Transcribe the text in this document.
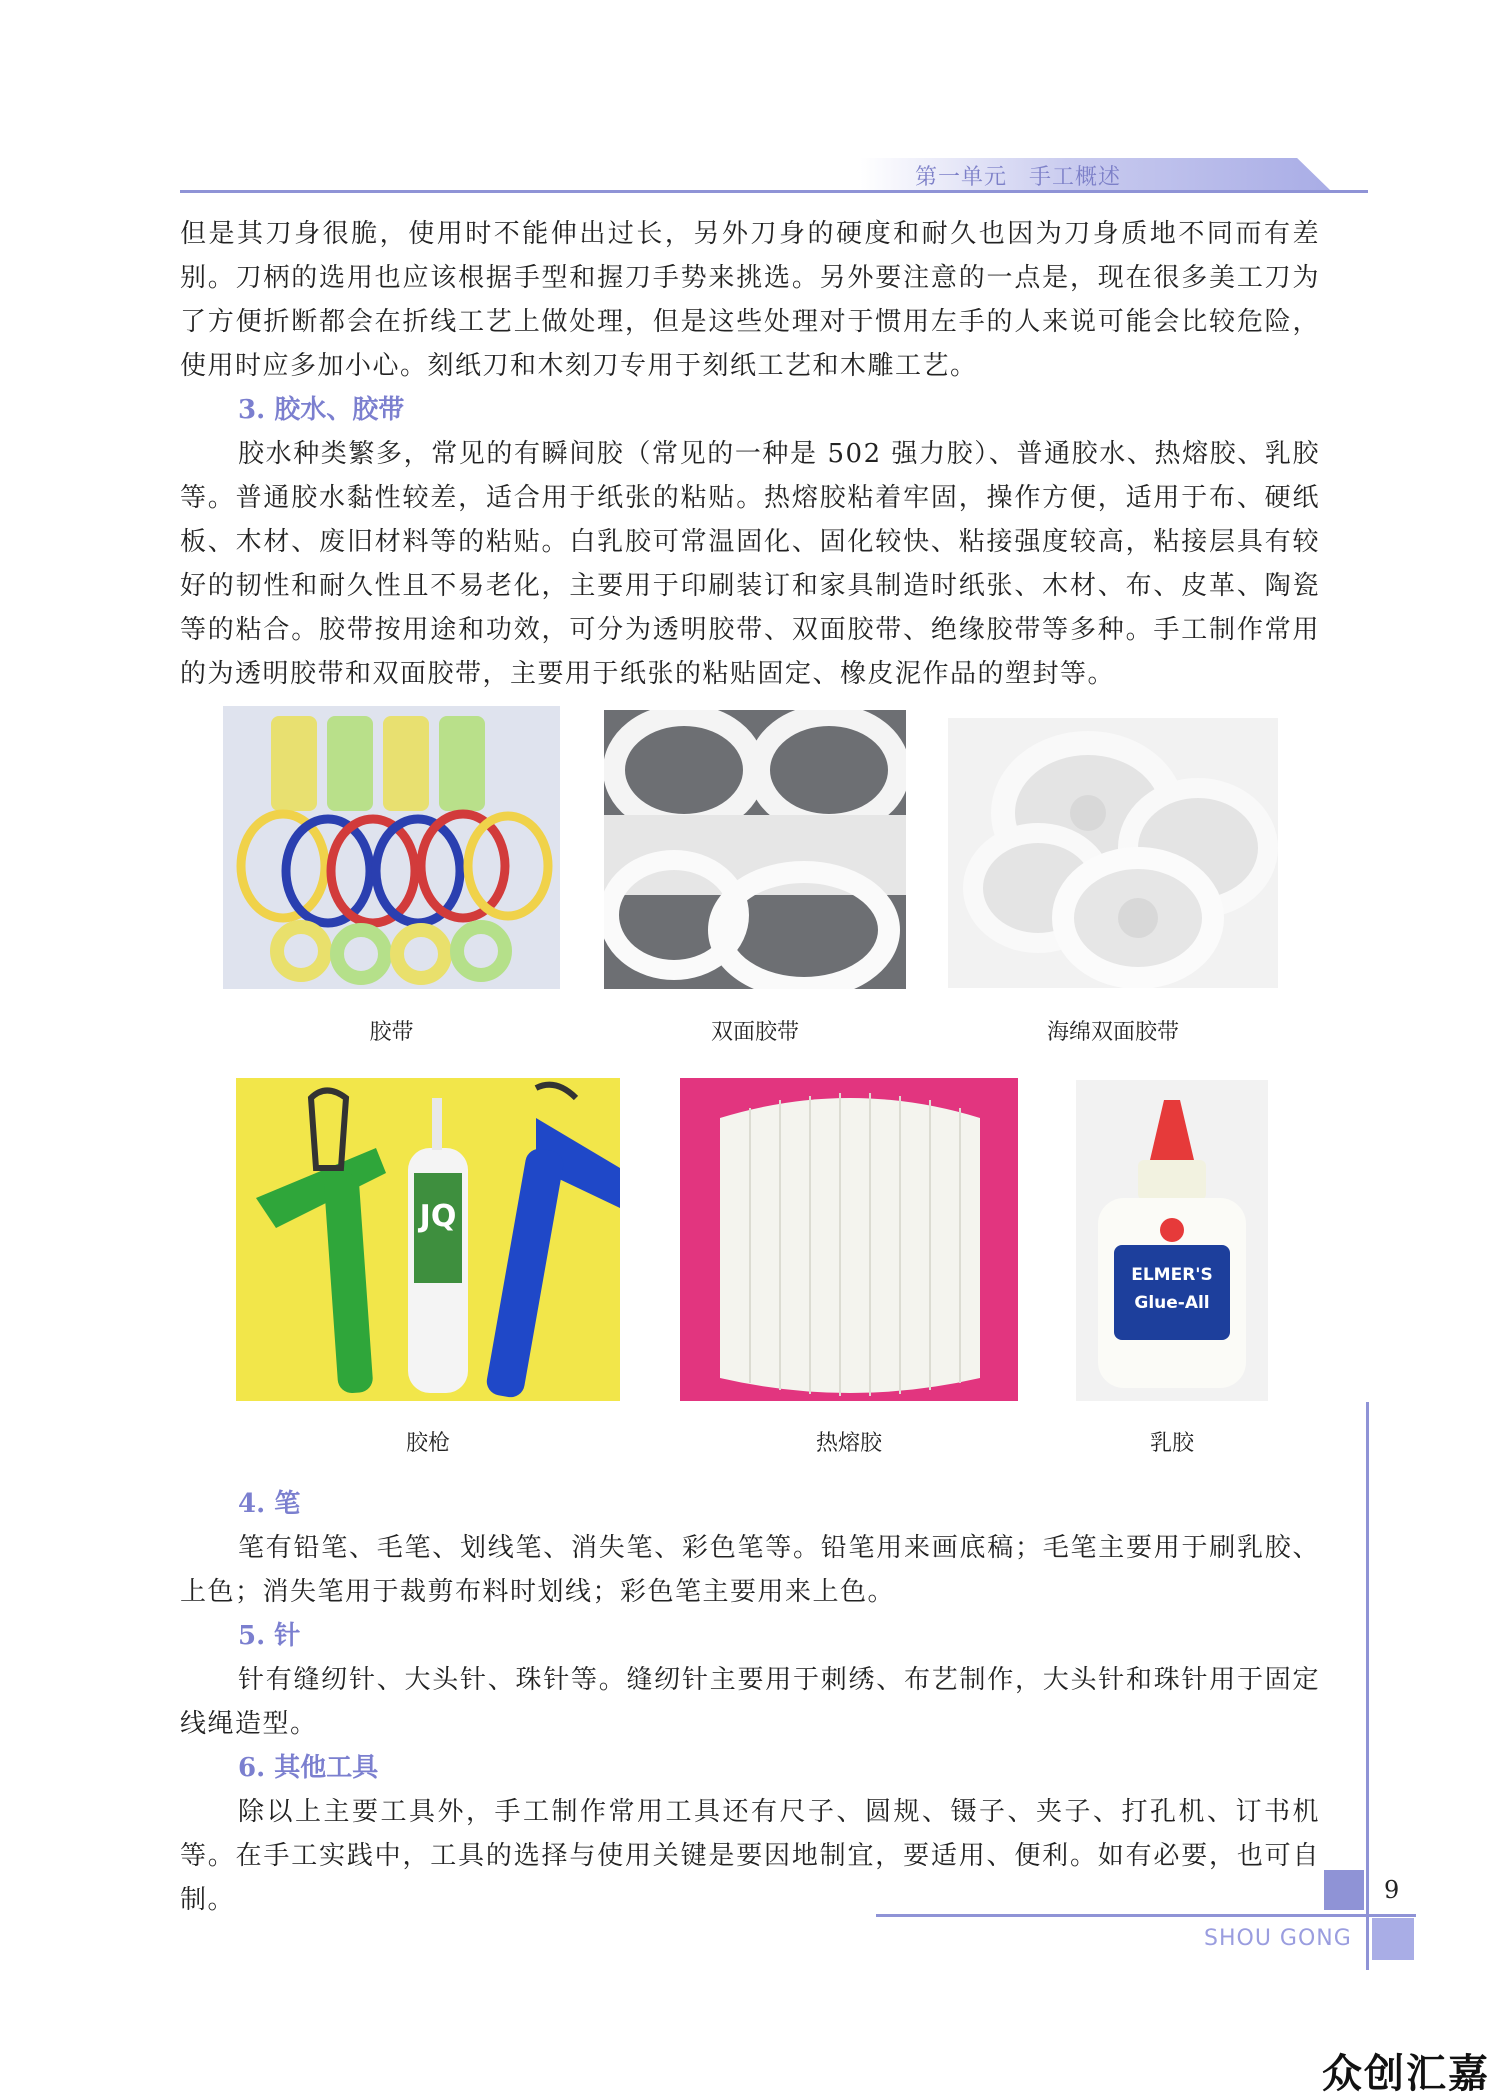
第一单元 手工概述

但是其刀身很脆，使用时不能伸出过长，另外刀身的硬度和耐久也因为刀身质地不同而有差别。刀柄的选用也应该根据手型和握刀手势来挑选。另外要注意的一点是，现在很多美工刀为了方便折断都会在折线工艺上做处理，但是这些处理对于惯用左手的人来说可能会比较危险，使用时应多加小心。刻纸刀和木刻刀专用于刻纸工艺和木雕工艺。

3. 胶水、胶带

胶水种类繁多，常见的有瞬间胶（常见的一种是 502 强力胶）、普通胶水、热熔胶、乳胶等。普通胶水黏性较差，适合用于纸张的粘贴。热熔胶粘着牢固，操作方便，适用于布、硬纸板、木材、废旧材料等的粘贴。白乳胶可常温固化、固化较快、粘接强度较高，粘接层具有较好的韧性和耐久性且不易老化，主要用于印刷装订和家具制造时纸张、木材、布、皮革、陶瓷等的粘合。胶带按用途和功效，可分为透明胶带、双面胶带、绝缘胶带等多种。手工制作常用的为透明胶带和双面胶带，主要用于纸张的粘贴固定、橡皮泥作品的塑封等。

胶带	双面胶带	海绵双面胶带
JQ
ELMER'S
Glue-All
胶枪	热熔胶	乳胶

4. 笔

笔有铅笔、毛笔、划线笔、消失笔、彩色笔等。铅笔用来画底稿；毛笔主要用于刷乳胶、上色；消失笔用于裁剪布料时划线；彩色笔主要用来上色。

5. 针

针有缝纫针、大头针、珠针等。缝纫针主要用于刺绣、布艺制作，大头针和珠针用于固定线绳造型。

6. 其他工具

除以上主要工具外，手工制作常用工具还有尺子、圆规、镊子、夹子、打孔机、订书机等。在手工实践中，工具的选择与使用关键是要因地制宜，要适用、便利。如有必要，也可自制。	9
SHOU GONG
众创汇嘉
